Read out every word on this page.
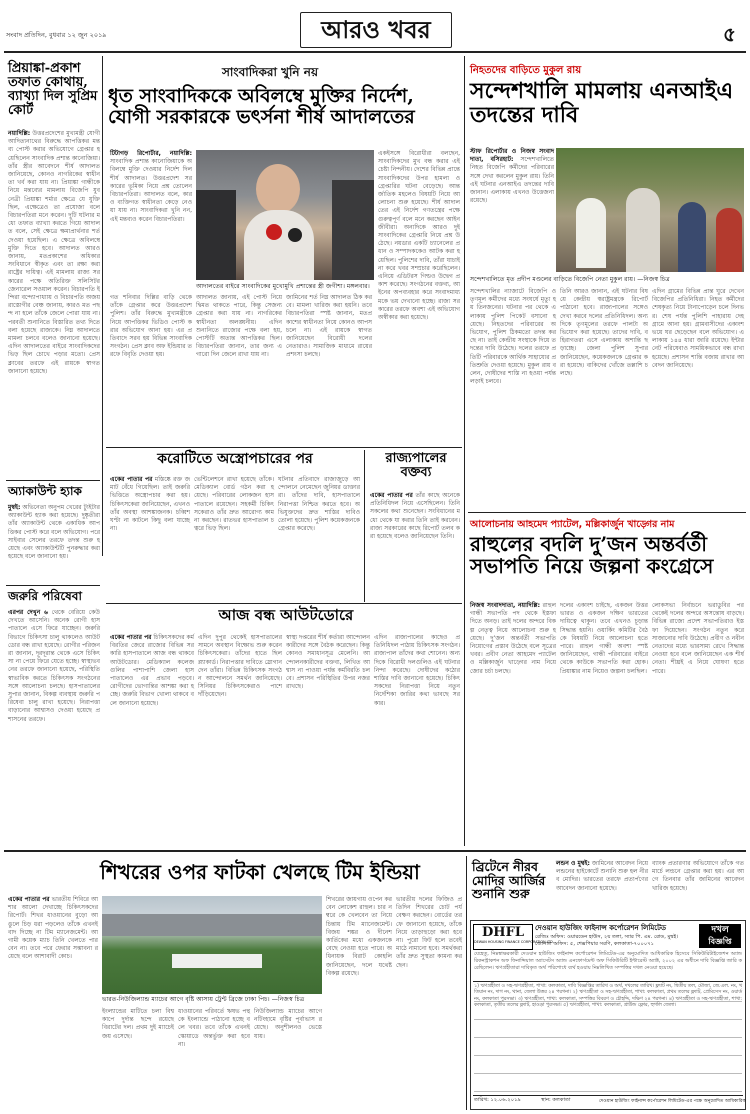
সংবাদ প্রতিদিন, বুধবার ১২ জুন ২০১৯	আরও খবর	৫
প্রিয়াঙ্কা-প্রকাশ তফাত কোথায়, ব্যাখ্যা দিল সুপ্রিম কোর্ট
নয়াদিল্লি: উত্তরপ্রদেশের মুখ্যমন্ত্রী যোগী আদিত্যনাথের বিরুদ্ধে আপত্তিকর মন্তব্য পোস্ট করার অভিযোগে গ্রেপ্তার হয়েছিলেন সাংবাদিক প্রশান্ত কানোজিয়া। তাঁর স্ত্রীর আবেদনে শীর্ষ আদালত জানিয়েছে, কোনও নাগরিকের স্বাধীনতা খর্ব করা যায় না। প্রিয়াঙ্কা গান্ধীকে নিয়ে মন্তব্যের মামলায় বিজেপি যুবনেত্রী প্রিয়াঙ্কা শর্মার ক্ষেত্রে যে যুক্তি ছিল, এক্ষেত্রেও তা প্রযোজ্য বলে বিচারপতিরা মনে করেন। দুটি ঘটনার মধ্যে তফাত ব্যাখ্যা করতে গিয়ে আদালত বলে, সেই ক্ষেত্রে ক্ষমাপ্রার্থনার শর্ত দেওয়া হয়েছিল। এ ক্ষেত্রে অবিলম্বে মুক্তি দিতে হবে। আদালত আরও জানায়, মতপ্রকাশের অধিকার সংবিধানে স্বীকৃত এবং তা রক্ষা করা রাষ্ট্রের দায়িত্ব। এই মামলায় রাজ্য সরকারের পক্ষে অতিরিক্ত সলিসিটর জেনারেল সওয়াল করেন। বিচারপতি ইন্দিরা বন্দ্যোপাধ্যায় ও বিচারপতি অজয় রাস্তোগীর বেঞ্চ জানায়, কারও মত পছন্দ না হলে তাঁকে জেলে পোরা যায় না। পরবর্তী শুনানিতে বিস্তারিত তথ্য দিতে বলা হয়েছে রাজ্যকে। নিম্ন আদালতে মামলা চলবে বলেও জানানো হয়েছে। এদিন আদালতের বাইরে সাংবাদিকদের ভিড় ছিল চোখে পড়ার মতো। প্রেস ক্লাবের তরফে এই রায়কে স্বাগত জানানো হয়েছে।
অ্যাকাউন্ট হ্যাক
মুম্বই: অভিনেতা অনুপম খেরের ট্যুইটার অ্যাকাউন্ট হ্যাক করা হয়েছে। দুষ্কৃতীরা তাঁর অ্যাকাউন্ট থেকে একাধিক আপত্তিকর পোস্ট করে বলে অভিযোগ। পরে সাইবার সেলের তরফে তদন্ত শুরু হয়েছে এবং অ্যাকাউন্টটি পুনরুদ্ধার করা হয়েছে বলে জানানো হয়।
জরুরি পরিষেবা
এরপর দেখুন ৬ থেকে বেরিয়ে কেউ দেখতে আসেনি। অনেক রোগী হাসপাতালে এসে ফিরে যাচ্ছেন। জরুরি বিভাগে চিকিৎসা চালু থাকলেও আউটডোর বন্ধ রাখা হয়েছে। রোগীর পরিজনরা জানান, দূরদূরান্ত থেকে এসে চিকিৎসা না পেয়ে ফিরে যেতে হচ্ছে। স্বাস্থ্যভবনের তরফে জানানো হয়েছে, পরিস্থিতি স্বাভাবিক করতে চিকিৎসক সংগঠনের সঙ্গে আলোচনা চলছে। হাসপাতালের সুপার জানান, বিকল্প ব্যবস্থায় জরুরি পরিষেবা চালু রাখা হয়েছে। নিরাপত্তা বাড়ানোর আশ্বাসও দেওয়া হয়েছে প্রশাসনের তরফে।
সাংবাদিকরা খুনি নয়
ধৃত সাংবাদিককে অবিলম্বে মুক্তির নির্দেশ, যোগী সরকারকে ভৎর্সনা শীর্ষ আদালতের
আদালতের বাইরে সাংবাদিকের মুখোমুখি প্রশান্তের স্ত্রী জগীশা। মঙ্গলবার।
টিটাগড় রিপোর্টার, নয়াদিল্লি: সাংবাদিক প্রশান্ত কানোজিয়াকে অবিলম্বে মুক্তি দেওয়ার নির্দেশ দিল শীর্ষ আদালত। উত্তরপ্রদেশ সরকারের ভূমিকা নিয়ে প্রশ্ন তোলেন বিচারপতিরা। আদালত বলে, কারও ব্যক্তিগত স্বাধীনতা কেড়ে নেওয়া যায় না। সাংবাদিকরা খুনি নন, এই মন্তব্যও করেন বিচারপতিরা।
গত শনিবার দিল্লির বাড়ি থেকে তাঁকে গ্রেপ্তার করে উত্তরপ্রদেশ পুলিশ। তাঁর বিরুদ্ধে মুখ্যমন্ত্রীকে নিয়ে আপত্তিকর ভিডিও পোস্ট করার অভিযোগ আনা হয়। এর প্রতিবাদে সরব হয় বিভিন্ন সাংবাদিক সংগঠন। প্রেস ক্লাব অফ ইন্ডিয়ার তরফে বিবৃতি দেওয়া হয়।
আদালত জানায়, এই পোস্ট নিয়ে দ্বিমত থাকতে পারে, কিন্তু সেজন্য গ্রেপ্তার করা যায় না। নাগরিকের স্বাধীনতা অলঙ্ঘনীয়। এদিন শুনানিতে রাজ্যের পক্ষে বলা হয়, পোস্টটি অত্যন্ত আপত্তিকর ছিল। বিচারপতিরা জানান, তার জন্য এগারো দিন জেলে রাখা যায় না।
জামিনের শর্ত নিম্ন আদালত ঠিক করবে। মামলা খারিজ করা হয়নি। তবে বিচারপতিরা স্পষ্ট জানান, মতপ্রকাশের স্বাধীনতা নিয়ে কোনও আপস চলে না। এই রায়কে স্বাগত জানিয়েছেন বিরোধী দলের নেতারাও। সামাজিক মাধ্যমে রায়ের প্রশংসা চলছে।
একইসঙ্গে বিরোধীরা বলছেন, সাংবাদিকদের মুখ বন্ধ করার এই চেষ্টা নিন্দনীয়। দেশের বিভিন্ন প্রান্তে সাংবাদিকদের উপর হামলা ও গ্রেপ্তারির ঘটনা বেড়েছে। আন্তর্জাতিক মহলেও বিষয়টি নিয়ে আলোচনা শুরু হয়েছে। শীর্ষ আদালতের এই নির্দেশ গণতন্ত্রের পক্ষে গুরুত্বপূর্ণ বলে মনে করছেন আইনজীবীরা। অন্যদিকে আরও দুই সাংবাদিকের গ্রেপ্তারি নিয়ে প্রশ্ন উঠেছে। নয়ডার একটি চ্যানেলের প্রধান ও সম্পাদককেও আটক করা হয়েছিল। পুলিশের দাবি, তাঁরা যাচাই না করে খবর সম্প্রচার করেছিলেন। এনিয়ে এডিটরস গিল্ডও উদ্বেগ প্রকাশ করেছে। সংগঠনের বক্তব্য, আইনের অপব্যবহার করে সংবাদমাধ্যমকে ভয় দেখানো হচ্ছে। রাজ্য সরকারের তরফে অবশ্য এই অভিযোগ অস্বীকার করা হয়েছে।
করোটিতে অস্ত্রোপচারের পর
একের পাতার পর মস্তিষ্কে রক্ত জমাট বেঁধে গিয়েছিল। তাই জরুরি ভিত্তিতে অস্ত্রোপচার করা হয়। চিকিৎসকেরা জানিয়েছেন, এখনও তাঁর অবস্থা আশঙ্কাজনক। চব্বিশ ঘণ্টা না কাটলে কিছু বলা যাচ্ছে না।
ভেন্টিলেশনে রাখা হয়েছে তাঁকে। মেডিক্যাল বোর্ড গঠন করা হয়েছে। পরিবারের লোকজন হাসপাতালে রয়েছেন। সহকর্মী চিকিৎসকেরাও তাঁর দ্রুত আরোগ্য কামনা করছেন। রাতভর হাসপাতাল চত্বরে ভিড় ছিল।
ঘটনার প্রতিবাদে রাজ্যজুড়ে আন্দোলনে নেমেছেন জুনিয়র ডাক্তাররা। তাঁদের দাবি, হাসপাতালে নিরাপত্তা নিশ্চিত করতে হবে। অভিযুক্তদের দ্রুত শাস্তির দাবিও তোলা হয়েছে। পুলিশ কয়েকজনকে গ্রেপ্তার করেছে।
রাজ্যপালের বক্তব্য
একের পাতার পর তাঁর কাছে অনেকে প্রতিনিধিদল নিয়ে এসেছিলেন। তিনি সকলের কথা শুনেছেন। সংবিধানের মধ্যে থেকে যা করার তিনি তাই করবেন। রাজ্য সরকারের কাছে রিপোর্ট তলব করা হয়েছে বলেও জানিয়েছেন তিনি।
আজ বন্ধ আউটডোরে
একের পাতার পর চিকিৎসকদের কর্মবিরতির জেরে রাজ্যের বিভিন্ন সরকারি হাসপাতালে আজ বন্ধ থাকবে আউটডোর। মেডিক্যাল কলেজগুলির পাশাপাশি জেলা হাসপাতালেও এর প্রভাব পড়বে। রোগীদের ভোগান্তির আশঙ্কা করা হচ্ছে। জরুরি বিভাগ খোলা থাকবে বলে জানানো হয়েছে।
এদিন দুপুর থেকেই হাসপাতালের সামনে অবস্থান বিক্ষোভ শুরু করেন চিকিৎসকেরা। তাঁদের হাতে ছিল প্ল্যাকার্ড। নিরাপত্তার দাবিতে স্লোগান দেন তাঁরা। বিভিন্ন চিকিৎসক সংগঠন আন্দোলনে সমর্থন জানিয়েছে। সিনিয়র চিকিৎসকেরাও পাশে দাঁড়িয়েছেন।
স্বাস্থ্য দপ্তরের শীর্ষ কর্তারা আন্দোলনকারীদের সঙ্গে বৈঠক করেছেন। কিন্তু কোনও সমাধানসূত্র মেলেনি। আন্দোলনকারীদের বক্তব্য, লিখিত আশ্বাস না পাওয়া পর্যন্ত কর্মবিরতি চলবে। প্রশাসন পরিস্থিতির উপর নজর রাখছে।
এদিন রাজ্যপালের কাছেও প্রতিনিধিদল পাঠায় চিকিৎসক সংগঠন। রাজ্যপাল তাঁদের কথা শোনেন। অন্যদিকে বিরোধী দলগুলিও এই ঘটনার নিন্দা করেছে। দোষীদের কঠোর শাস্তির দাবি জানানো হয়েছে। চিকিৎসকদের নিরাপত্তা নিয়ে নতুন নির্দেশিকা জারির কথা ভাবছে সরকার।
নিহতদের বাড়িতে মুকুল রায়
সন্দেশখালি মামলায় এনআইএ তদন্তের দাবি
স্টাফ রিপোর্টার ও নিজস্ব সংবাদদাতা, বসিরহাট: সন্দেশখালিতে নিহত বিজেপি কর্মীদের পরিবারের সঙ্গে দেখা করলেন মুকুল রায়। তিনি এই ঘটনার এনআইএ তদন্তের দাবি জানান। এলাকায় এখনও উত্তেজনা রয়েছে।
সন্দেশখালিতে মৃত প্রদীপ মণ্ডলের বাড়িতে বিজেপি নেতা মুকুল রায়। —নিজস্ব চিত্র
সন্দেশখালির ন্যাজাটে বিজেপি ও তৃণমূল কর্মীদের মধ্যে সংঘর্ষে মৃত্যু হয় তিনজনের। ঘটনার পর থেকে এলাকায় পুলিশ পিকেট বসানো হয়েছে। নিহতদের পরিবারের অভিযোগ, পুলিশ ঠিকমতো তদন্ত করছে না। তাই কেন্দ্রীয় সংস্থাকে দিয়ে তদন্তের দাবি উঠেছে। দলের তরফে প্রতিটি পরিবারকে আর্থিক সাহায্যের প্রতিশ্রুতি দেওয়া হয়েছে। মুকুল রায় বলেন, দোষীদের শাস্তি না হওয়া পর্যন্ত লড়াই চলবে।
তিনি আরও জানান, এই ঘটনার বিষয়ে কেন্দ্রীয় স্বরাষ্ট্রমন্ত্রকে রিপোর্ট পাঠানো হবে। রাজ্যপালের সঙ্গেও দেখা করবে দলের প্রতিনিধিদল। অন্যদিকে তৃণমূলের তরফে পালটা অভিযোগ করা হয়েছে। তাদের দাবি, বহিরাগতরা এসে এলাকায় অশান্তি ছড়াচ্ছে। জেলা পুলিশ সুপার জানিয়েছেন, কয়েকজনকে গ্রেপ্তার করা হয়েছে। বাকিদের খোঁজে তল্লাশি চলছে।
এদিন গ্রামের বিভিন্ন প্রান্ত ঘুরে দেখেন বিজেপির প্রতিনিধিরা। নিহত কর্মীদের শেষকৃত্য নিয়ে টানাপোড়েন চলে দিনভর। শেষ পর্যন্ত পুলিশি পাহারায় দেহ গ্রামে আনা হয়। গ্রামবাসীদের একাংশ ভয়ে ঘর ছেড়েছেন বলে অভিযোগ। এলাকায় ১৪৪ ধারা জারি রয়েছে। ইন্টারনেট পরিষেবাও সাময়িকভাবে বন্ধ রাখা হয়েছে। প্রশাসন শান্তি বজায় রাখার আবেদন জানিয়েছে।
আলোচনায় আহমেদ প্যাটেল, মল্লিকার্জুন খাড়্গের নাম
রাহুলের বদলি দু’জন অন্তর্বর্তী সভাপতি নিয়ে জল্পনা কংগ্রেসে
নিজস্ব সংবাদদাতা, নয়াদিল্লি: রাহুল গান্ধী সভাপতি পদ থেকে ইস্তফা দিতে অনড়। তাই দলের অন্দরে বিকল্প নেতৃত্ব নিয়ে আলোচনা শুরু হয়েছে। দু’জন অন্তর্বর্তী সভাপতি নিয়োগের প্রস্তাব উঠেছে বলে সূত্রের খবর। প্রবীণ নেতা আহমেদ প্যাটেল ও মল্লিকার্জুন খাড়্গের নাম নিয়ে জোর চর্চা চলছে।
দলের একাংশ চাইছে, একজন উত্তর ভারত ও একজন দক্ষিণ ভারতের দায়িত্বে থাকুন। তবে এখনও চূড়ান্ত সিদ্ধান্ত হয়নি। ওয়ার্কিং কমিটির বৈঠকে বিষয়টি নিয়ে আলোচনা হতে পারে। রাহুল গান্ধী অবশ্য স্পষ্ট জানিয়েছেন, গান্ধী পরিবারের বাইরে থেকে কাউকে সভাপতি করা হোক। প্রিয়াঙ্কার নাম নিয়েও জল্পনা চলছিল।
লোকসভা নির্বাচনে ভরাডুবির পর থেকেই দলের অন্দরে অসন্তোষ বাড়ছে। বিভিন্ন রাজ্যে প্রদেশ সভাপতিরাও ইস্তফা দিয়েছেন। সংগঠন নতুন করে সাজানোর দাবি উঠেছে। প্রবীণ ও নবীন নেতাদের মধ্যে ভারসাম্য রেখে সিদ্ধান্ত নেওয়া হবে বলে জানিয়েছেন এক শীর্ষ নেতা। শীঘ্রই এ নিয়ে ঘোষণা হতে পারে।
শিখরের ওপর ফাটকা খেলছে টিম ইন্ডিয়া
একের পাতার পর ভারতীয় শিবিরে আশার আলো দেখাচ্ছে চিকিৎসকদের রিপোর্ট। শিখর ধাওয়ানের বুড়ো আঙুলে চিড় ধরা পড়লেও তাঁকে এখনই বাদ দিচ্ছে না টিম ম্যানেজমেন্ট। আগামী কয়েক ম্যাচ তিনি খেলতে পারবেন না। তবে পরে ফেরার সম্ভাবনা রয়েছে বলে আশাবাদী কোচ।
ভারত-নিউজিল্যান্ড ম্যাচের আগে বৃষ্টি আসায় ট্রেন্ট ব্রিজে ঢাকা পিচ। —নিজস্ব চিত্র
ইংল্যান্ডের মাটিতে চলা বিশ্বকাপে দুর্দান্ত ছন্দে রয়েছে বিরাটের দল। প্রথম দুই ম্যাচেই জয় এসেছে।
ধাওয়ানের পরিবর্তে ঋষভ পন্থকে ইংল্যান্ডে পাঠানো হচ্ছে বলে খবর। তবে তাঁকে এখনই স্কোয়াডে অন্তর্ভুক্ত করা হবে না।
নিউজিল্যান্ড ম্যাচের আগে নটিংহামে বৃষ্টির পূর্বাভাস রয়েছে। অনুশীলনও ভেস্তে যায়।
শিখরের জায়গায় ওপেন করবেন লোকেশ রাহুল। চার নম্বরে কে খেলবেন তা নিয়ে চিন্তায় টিম ম্যানেজমেন্ট। বিজয় শঙ্কর ও দীনেশ কার্তিকের মধ্যে একজনকে বেছে নেওয়া হতে পারে। অধিনায়ক বিরাট কোহলি জানিয়েছেন, দলে যথেষ্ট বিকল্প রয়েছে।
ভারতীয় দলের ফিজিও প্রতিদিন শিখরের চোট পর্যবেক্ষণ করছেন। বোর্ডের তরফে জানানো হয়েছে, তাঁকে নিয়ে তাড়াহুড়ো করা হবে না। পুরো ফিট হলে তবেই মাঠে নামানো হবে। সমর্থকরা তাঁর দ্রুত সুস্থতা কামনা করছেন।
ব্রিটেনে নীরব মোদির আর্জির শুনানি শুরু
লন্ডন ও মুম্বই: জামিনের আবেদন নিয়ে লন্ডনের হাইকোর্টে শুনানি শুরু হল নীরব মোদির। ভারতের তরফে প্রত্যর্পণের আবেদন জানানো হয়েছে।
ব্যাংক প্রতারণার অভিযোগে তাঁকে গত মার্চে লন্ডনে গ্রেপ্তার করা হয়। এর আগে তিনবার তাঁর জামিনের আবেদন খারিজ হয়েছে।
DHFL
DEWAN HOUSING FINANCE CORPORATION LTD.
দেওয়ান হাউজিং ফাইনান্স কর্পোরেশন লিমিটেড
রেজিঃ অফিস: ওয়ারডেন হাউস, ২য় তলা, স্যার পি. এম. রোড, মুম্বই। জোনাল অফিস: ৫, শেক্সপিয়ার সরণি, কলকাতা-৭০০০৭১
দখল
বিজ্ঞপ্তি
যেহেতু, নিম্নস্বাক্ষরকারী দেওয়ান হাউজিং ফাইনান্স কর্পোরেশন লিমিটেড-এর অনুমোদিত আধিকারিক হিসেবে সিকিউরিটাইজেশন অ্যান্ড রিকনস্ট্রাকশন অফ ফিনান্সিয়াল অ্যাসেটস অ্যান্ড এনফোর্সমেন্ট অফ সিকিউরিটি ইন্টারেস্ট অ্যাক্ট, ২০০২ এর অধীনে দাবি বিজ্ঞপ্তি জারি করেছিলেন। ঋণগ্রহীতারা দাবিকৃত অর্থ পরিশোধে ব্যর্থ হওয়ায় নিম্নলিখিত সম্পত্তির দখল নেওয়া হয়েছে।
১) ঋণগ্রহীতা ও সহ-ঋণগ্রহীতা, শাখা: কলকাতা, দাবি বিজ্ঞপ্তির তারিখ ও অর্থ, দখলের তারিখ। ফ্ল্যাট নং, দ্বিতীয় তল, মৌজা, জে.এল. নং, খতিয়ান নং, দাগ নং, থানা, জেলা উত্তর ২৪ পরগনা। ২) ঋণগ্রহীতা ও সহ-ঋণগ্রহীতা, শাখা: কলকাতা, প্রথম তলের ফ্ল্যাট, প্রেমিসেস নং, ওয়ার্ড নং, কলকাতা পুরসভা। ৩) ঋণগ্রহীতা, শাখা: কলকাতা, সম্পত্তির বিবরণ ও চৌহদ্দি, দক্ষিণ ২৪ পরগনা। ৪) ঋণগ্রহীতা ও সহ-ঋণগ্রহীতা, শাখা: কলকাতা, তৃতীয় তলের ফ্ল্যাট, হাওড়া পুরসভা। ৫) ঋণগ্রহীতা, শাখা: কলকাতা, গ্রাউন্ড ফ্লোর, হুগলি জেলা।
তারিখ: ১২.০৬.২০১৯	স্থান: কলকাতা	দেওয়ান হাউজিং ফাইনান্স কর্পোরেশন লিমিটেড-এর পক্ষে অনুমোদিত আধিকারিক
